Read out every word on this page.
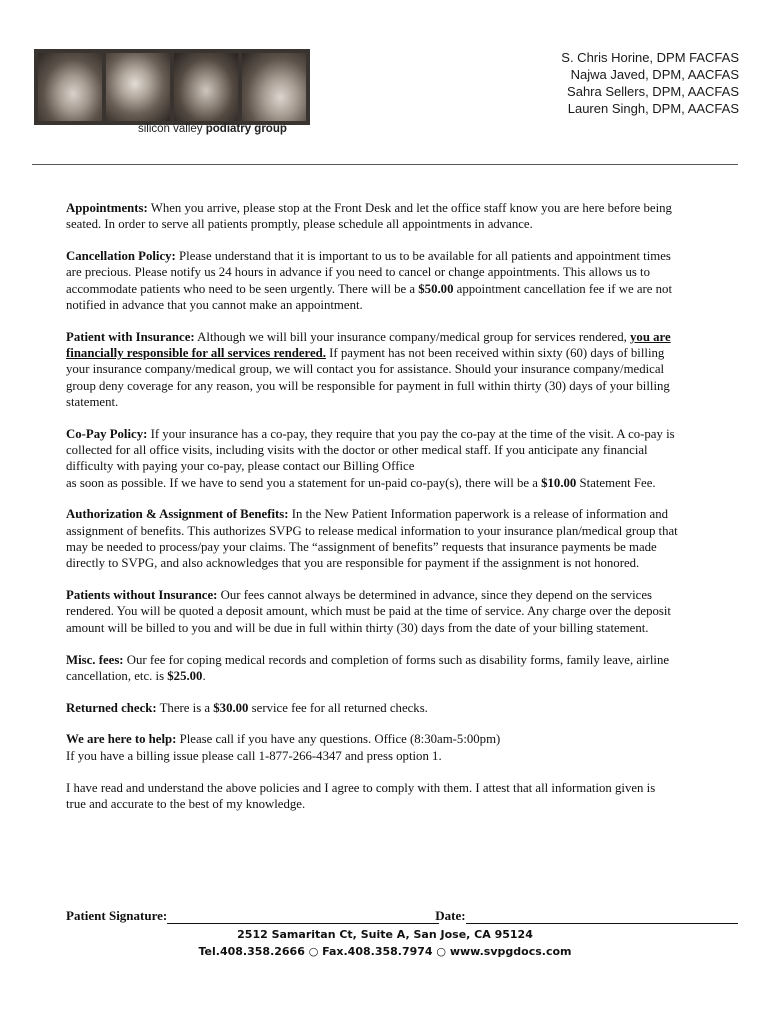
silicon valley podiatry group
S. Chris Horine, DPM FACFAS
Najwa Javed, DPM, AACFAS
Sahra Sellers, DPM, AACFAS
Lauren Singh, DPM, AACFAS

Appointments: When you arrive, please stop at the Front Desk and let the office staff know you are here before being seated. In order to serve all patients promptly, please schedule all appointments in advance.

Cancellation Policy: Please understand that it is important to us to be available for all patients and appointment times are precious. Please notify us 24 hours in advance if you need to cancel or change appointments. This allows us to accommodate patients who need to be seen urgently. There will be a $50.00 appointment cancellation fee if we are not notified in advance that you cannot make an appointment.

Patient with Insurance: Although we will bill your insurance company/medical group for services rendered, you are financially responsible for all services rendered. If payment has not been received within sixty (60) days of billing your insurance company/medical group, we will contact you for assistance. Should your insurance company/medical group deny coverage for any reason, you will be responsible for payment in full within thirty (30) days of your billing statement.

Co-Pay Policy: If your insurance has a co-pay, they require that you pay the co-pay at the time of the visit. A co-pay is collected for all office visits, including visits with the doctor or other medical staff. If you anticipate any financial difficulty with paying your co-pay, please contact our Billing Office
as soon as possible. If we have to send you a statement for un-paid co-pay(s), there will be a $10.00 Statement Fee.

Authorization & Assignment of Benefits: In the New Patient Information paperwork is a release of information and assignment of benefits. This authorizes SVPG to release medical information to your insurance plan/medical group that may be needed to process/pay your claims. The “assignment of benefits” requests that insurance payments be made directly to SVPG, and also acknowledges that you are responsible for payment if the assignment is not honored.

Patients without Insurance: Our fees cannot always be determined in advance, since they depend on the services rendered. You will be quoted a deposit amount, which must be paid at the time of service. Any charge over the deposit amount will be billed to you and will be due in full within thirty (30) days from the date of your billing statement.

Misc. fees: Our fee for coping medical records and completion of forms such as disability forms, family leave, airline cancellation, etc. is $25.00.

Returned check: There is a $30.00 service fee for all returned checks.

We are here to help: Please call if you have any questions. Office (8:30am-5:00pm)
If you have a billing issue please call 1-877-266-4347 and press option 1.

I have read and understand the above policies and I agree to comply with them. I attest that all information given is true and accurate to the best of my knowledge.

Patient Signature:	Date:
2512 Samaritan Ct, Suite A, San Jose, CA 95124
Tel.408.358.2666 ○ Fax.408.358.7974 ○ www.svpgdocs.com
